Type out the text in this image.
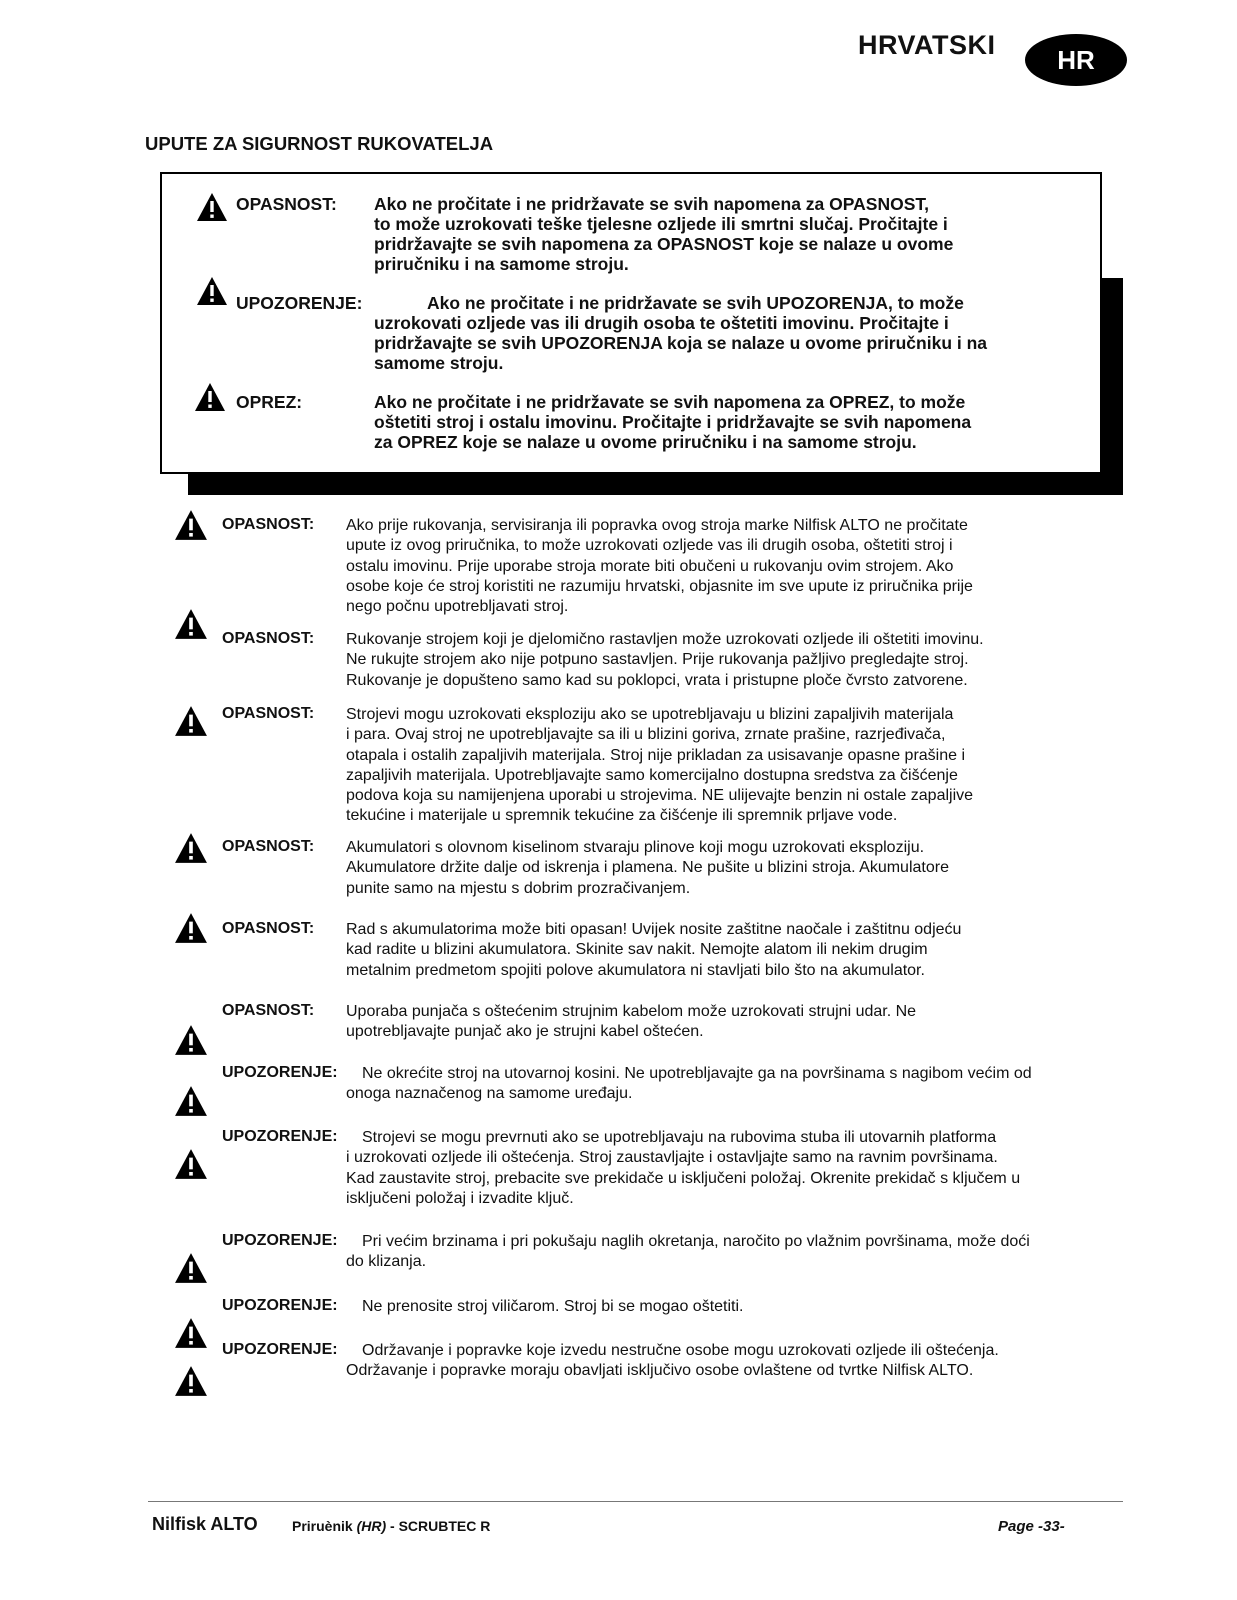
HRVATSKI	HR
UPUTE ZA SIGURNOST RUKOVATELJA
OPASNOST: Ako ne pročitate i ne pridržavate se svih napomena za OPASNOST,
to može uzrokovati teške tjelesne ozljede ili smrtni slučaj. Pročitajte i
pridržavajte se svih napomena za OPASNOST koje se nalaze u ovome
priručniku i na samome stroju.
UPOZORENJE:	Ako ne pročitate i ne pridržavate se svih UPOZORENJA, to može
uzrokovati ozljede vas ili drugih osoba te oštetiti imovinu. Pročitajte i
pridržavajte se svih UPOZORENJA koja se nalaze u ovome priručniku i na
samome stroju.
OPREZ:	Ako ne pročitate i ne pridržavate se svih napomena za OPREZ, to može
oštetiti stroj i ostalu imovinu. Pročitajte i pridržavajte se svih napomena
za OPREZ koje se nalaze u ovome priručniku i na samome stroju.
OPASNOST: Ako prije rukovanja, servisiranja ili popravka ovog stroja marke Nilfisk ALTO ne pročitate
upute iz ovog priručnika, to može uzrokovati ozljede vas ili drugih osoba, oštetiti stroj i
ostalu imovinu. Prije uporabe stroja morate biti obučeni u rukovanju ovim strojem. Ako
osobe koje će stroj koristiti ne razumiju hrvatski, objasnite im sve upute iz priručnika prije
nego počnu upotrebljavati stroj.
OPASNOST: Rukovanje strojem koji je djelomično rastavljen može uzrokovati ozljede ili oštetiti imovinu.
Ne rukujte strojem ako nije potpuno sastavljen. Prije rukovanja pažljivo pregledajte stroj.
Rukovanje je dopušteno samo kad su poklopci, vrata i pristupne ploče čvrsto zatvorene.
OPASNOST: Strojevi mogu uzrokovati eksploziju ako se upotrebljavaju u blizini zapaljivih materijala
i para. Ovaj stroj ne upotrebljavajte sa ili u blizini goriva, zrnate prašine, razrjeđivača,
otapala i ostalih zapaljivih materijala. Stroj nije prikladan za usisavanje opasne prašine i
zapaljivih materijala. Upotrebljavajte samo komercijalno dostupna sredstva za čišćenje
podova koja su namijenjena uporabi u strojevima. NE ulijevajte benzin ni ostale zapaljive
tekućine i materijale u spremnik tekućine za čišćenje ili spremnik prljave vode.
OPASNOST: Akumulatori s olovnom kiselinom stvaraju plinove koji mogu uzrokovati eksploziju.
Akumulatore držite dalje od iskrenja i plamena. Ne pušite u blizini stroja. Akumulatore
punite samo na mjestu s dobrim prozračivanjem.
OPASNOST: Rad s akumulatorima može biti opasan! Uvijek nosite zaštitne naočale i zaštitnu odjeću
kad radite u blizini akumulatora. Skinite sav nakit. Nemojte alatom ili nekim drugim
metalnim predmetom spojiti polove akumulatora ni stavljati bilo što na akumulator.
OPASNOST: Uporaba punjača s oštećenim strujnim kabelom može uzrokovati strujni udar. Ne
upotrebljavajte punjač ako je strujni kabel oštećen.
UPOZORENJE: Ne okrećite stroj na utovarnoj kosini. Ne upotrebljavajte ga na površinama s nagibom većim od
onoga naznačenog na samome uređaju.
UPOZORENJE: Strojevi se mogu prevrnuti ako se upotrebljavaju na rubovima stuba ili utovarnih platforma
i uzrokovati ozljede ili oštećenja. Stroj zaustavljajte i ostavljajte samo na ravnim površinama.
Kad zaustavite stroj, prebacite sve prekidače u isključeni položaj. Okrenite prekidač s ključem u
isključeni položaj i izvadite ključ.
UPOZORENJE: Pri većim brzinama i pri pokušaju naglih okretanja, naročito po vlažnim površinama, može doći
do klizanja.
UPOZORENJE: Ne prenosite stroj viličarom. Stroj bi se mogao oštetiti.
UPOZORENJE: Održavanje i popravke koje izvedu nestručne osobe mogu uzrokovati ozljede ili oštećenja.
Održavanje i popravke moraju obavljati isključivo osobe ovlaštene od tvrtke Nilfisk ALTO.
Nilfisk ALTO Priruènik (HR) - SCRUBTEC R	Page -33-
